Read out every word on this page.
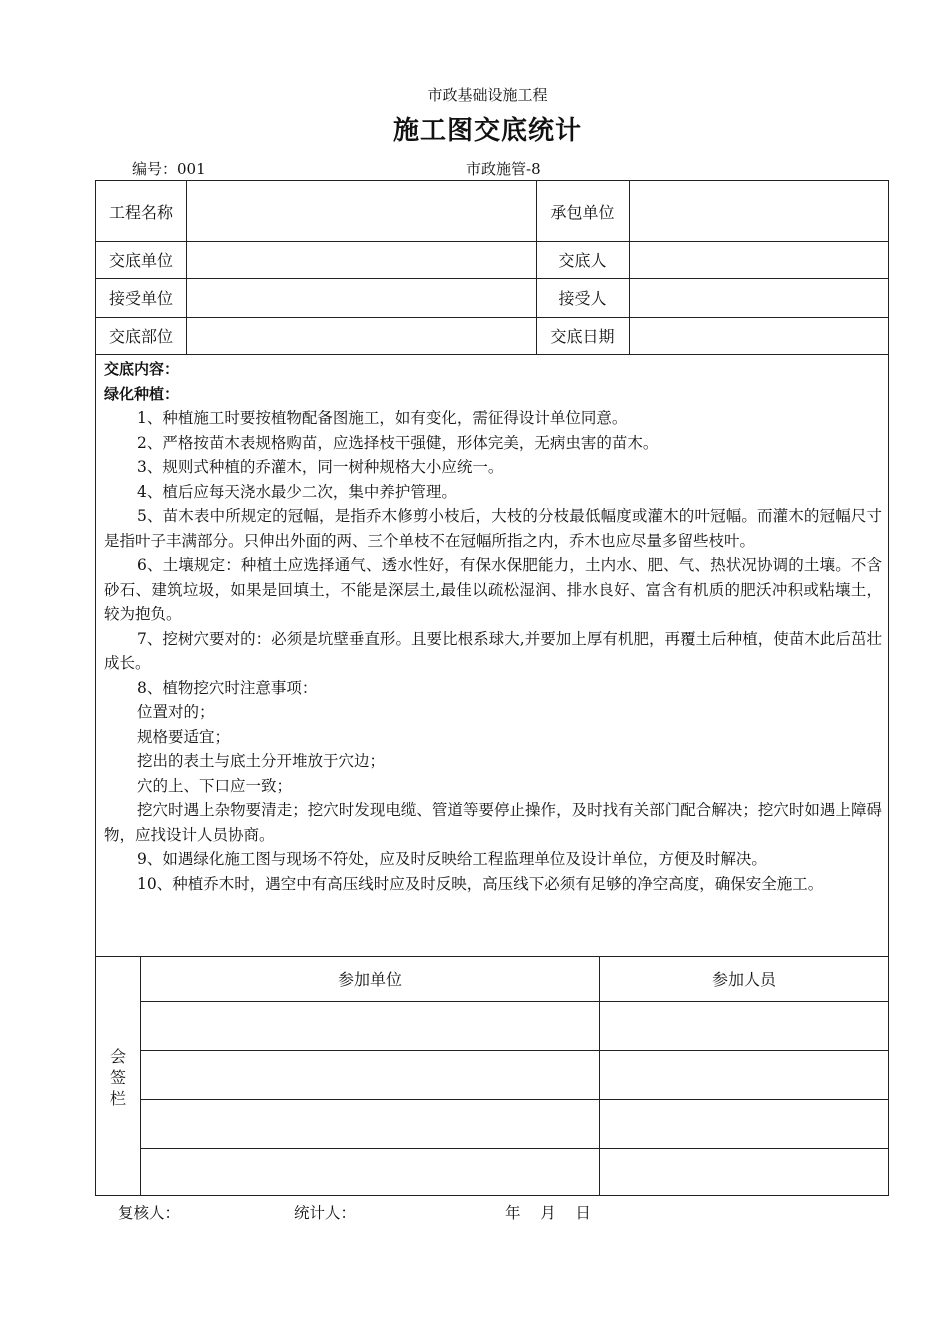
市政基础设施工程
施工图交底统计
编号：001	市政施管-8
工程名称	承包单位
交底单位	交底人
接受单位	接受人
交底部位	交底日期
参加单位	参加人员

交底内容：

绿化种植：

1、种植施工时要按植物配备图施工，如有变化，需征得设计单位同意。

2、严格按苗木表规格购苗，应选择枝干强健，形体完美，无病虫害的苗木。

3、规则式种植的乔灌木，同一树种规格大小应统一。

4、植后应每天浇水最少二次，集中养护管理。

5、苗木表中所规定的冠幅，是指乔木修剪小枝后，大枝的分枝最低幅度或灌木的叶冠幅。而灌木的冠幅尺寸是指叶子丰满部分。只伸出外面的两、三个单枝不在冠幅所指之内，乔木也应尽量多留些枝叶。

6、土壤规定：种植土应选择通气、透水性好，有保水保肥能力，土内水、肥、气、热状况协调的土壤。不含砂石、建筑垃圾，如果是回填土，不能是深层土,最佳以疏松湿润、排水良好、富含有机质的肥沃冲积或粘壤土，较为抱负。

7、挖树穴要对的：必须是坑壁垂直形。且要比根系球大,并要加上厚有机肥，再覆土后种植，使苗木此后茁壮成长。

8、植物挖穴时注意事项：

位置对的；

规格要适宜；

挖出的表土与底土分开堆放于穴边；

穴的上、下口应一致；

挖穴时遇上杂物要清走；挖穴时发现电缆、管道等要停止操作，及时找有关部门配合解决；挖穴时如遇上障碍物，应找设计人员协商。

9、如遇绿化施工图与现场不符处，应及时反映给工程监理单位及设计单位，方便及时解决。

10、种植乔木时，遇空中有高压线时应及时反映，高压线下必须有足够的净空高度，确保安全施工。

会
签
栏
复核人：	统计人：	年    月    日
